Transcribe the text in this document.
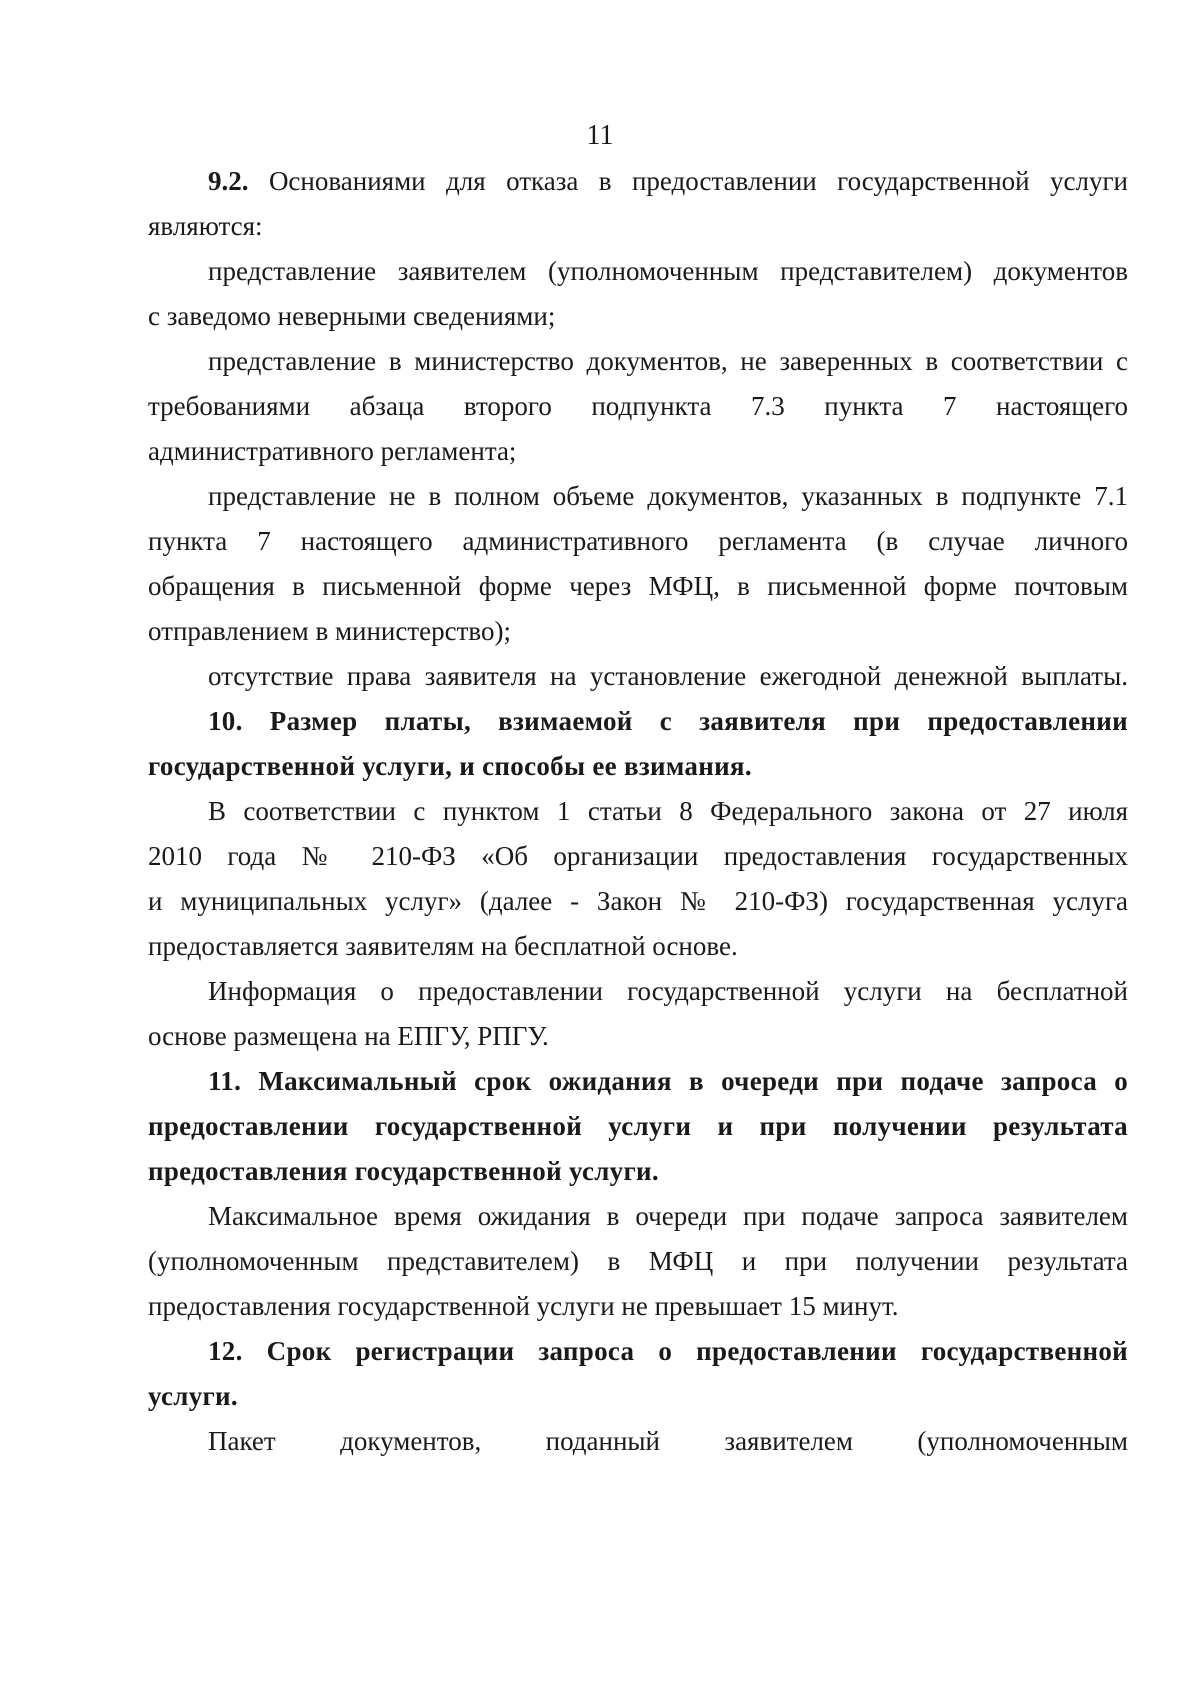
11
9.2. Основаниями для отказа в предоставлении государственной услуги
являются:
представление заявителем (уполномоченным представителем) документов
с заведомо неверными сведениями;
представление в министерство документов, не заверенных в соответствии с
требованиями абзаца второго подпункта 7.3 пункта 7 настоящего
административного регламента;
представление не в полном объеме документов, указанных в подпункте 7.1
пункта 7 настоящего административного регламента (в случае личного
обращения в письменной форме через МФЦ, в письменной форме почтовым
отправлением в министерство);
отсутствие права заявителя на установление ежегодной денежной выплаты.
10. Размер платы, взимаемой с заявителя при предоставлении
государственной услуги, и способы ее взимания.
В соответствии с пунктом 1 статьи 8 Федерального закона от 27 июля
2010 года № 210-ФЗ «Об организации предоставления государственных
и муниципальных услуг» (далее - Закон № 210-ФЗ) государственная услуга
предоставляется заявителям на бесплатной основе.
Информация о предоставлении государственной услуги на бесплатной
основе размещена на ЕПГУ, РПГУ.
11. Максимальный срок ожидания в очереди при подаче запроса о
предоставлении государственной услуги и при получении результата
предоставления государственной услуги.
Максимальное время ожидания в очереди при подаче запроса заявителем
(уполномоченным представителем) в МФЦ и при получении результата
предоставления государственной услуги не превышает 15 минут.
12. Срок регистрации запроса о предоставлении государственной
услуги.
Пакет документов, поданный заявителем (уполномоченным
